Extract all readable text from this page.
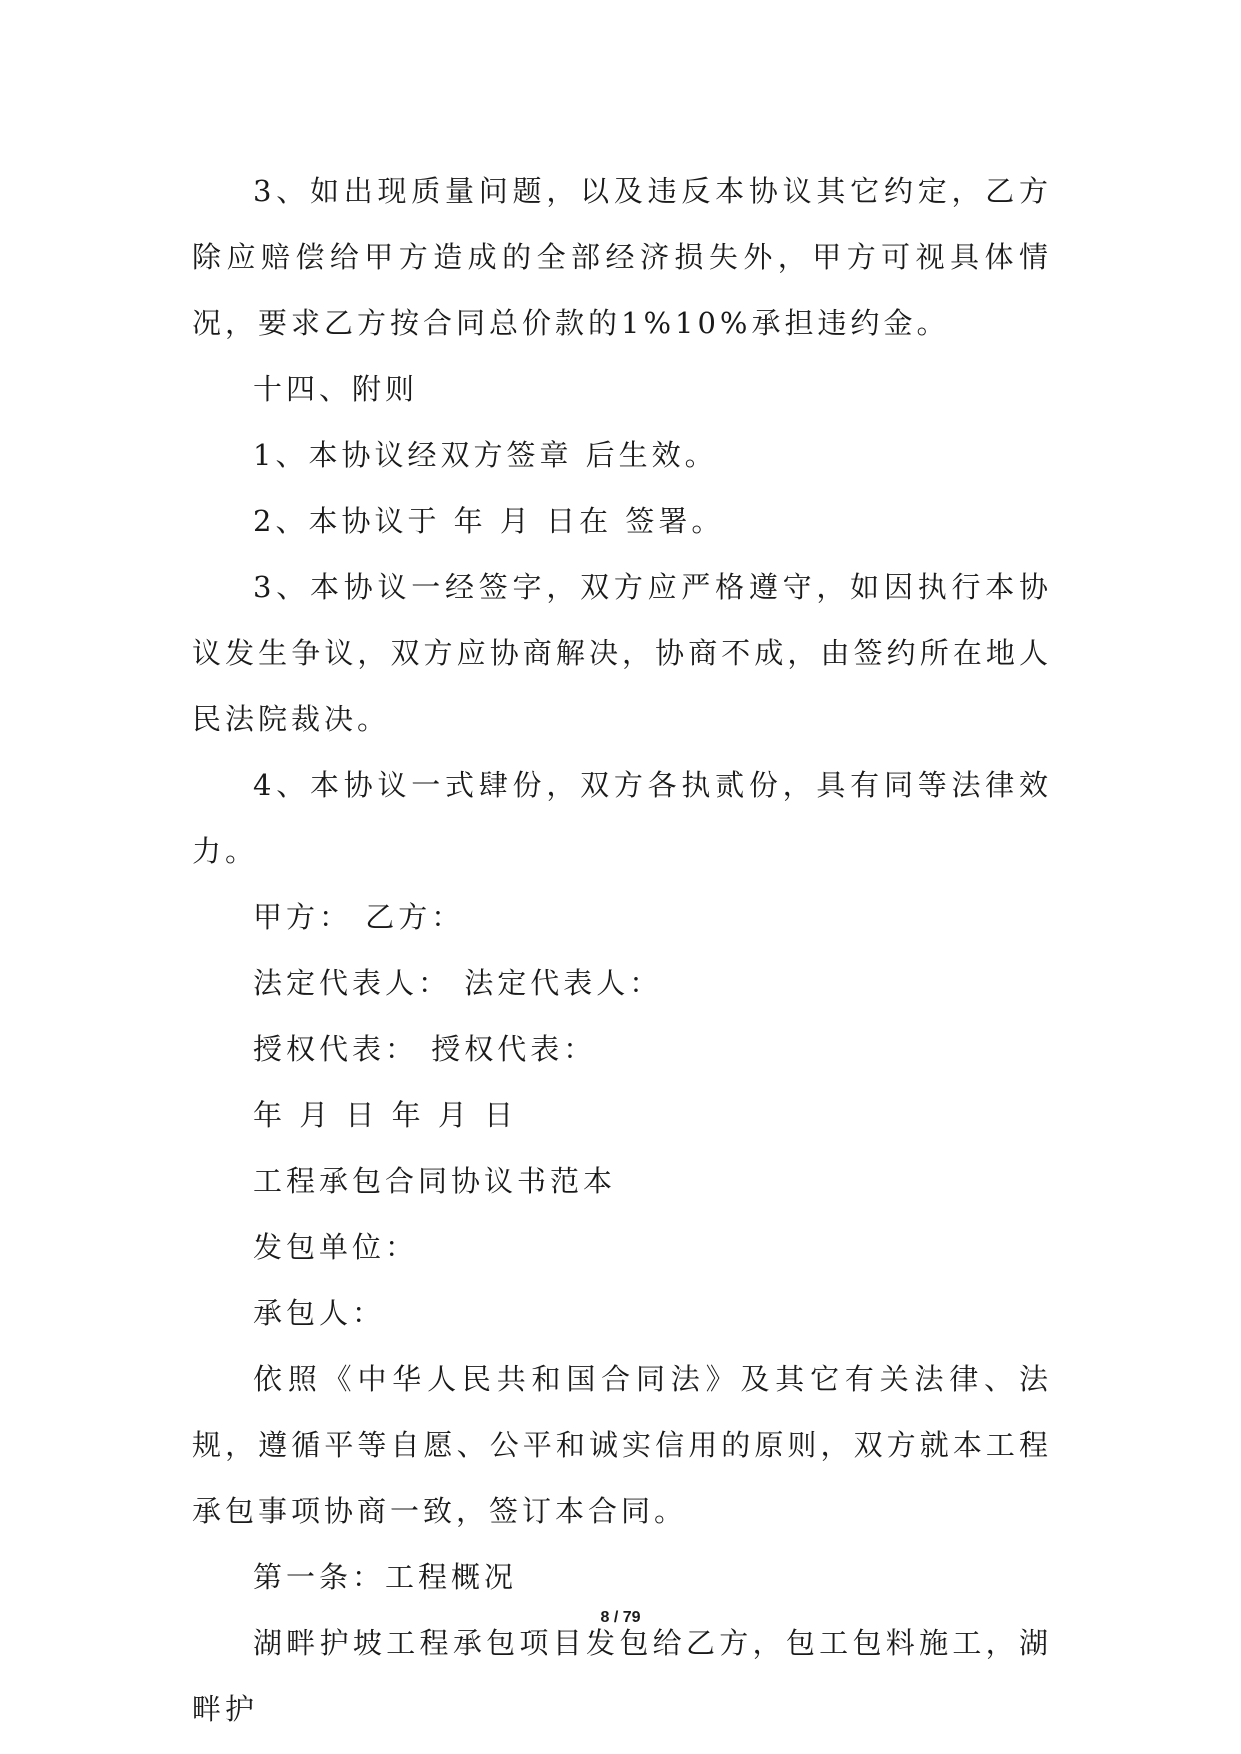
3、如出现质量问题，以及违反本协议其它约定，乙方除应赔偿给甲方造成的全部经济损失外，甲方可视具体情况，要求乙方按合同总价款的1%10%承担违约金。

十四、附则

1、本协议经双方签章 后生效。

2、本协议于 年 月 日在 签署。

3、本协议一经签字，双方应严格遵守，如因执行本协议发生争议，双方应协商解决，协商不成，由签约所在地人民法院裁决。

4、本协议一式肆份，双方各执贰份，具有同等法律效力。

甲方： 乙方：

法定代表人： 法定代表人：

授权代表： 授权代表：

年 月 日 年 月 日

工程承包合同协议书范本

发包单位：

承包人：

依照《中华人民共和国合同法》及其它有关法律、法规，遵循平等自愿、公平和诚实信用的原则，双方就本工程承包事项协商一致，签订本合同。

第一条：工程概况

湖畔护坡工程承包项目发包给乙方，包工包料施工，湖畔护

8 / 79
